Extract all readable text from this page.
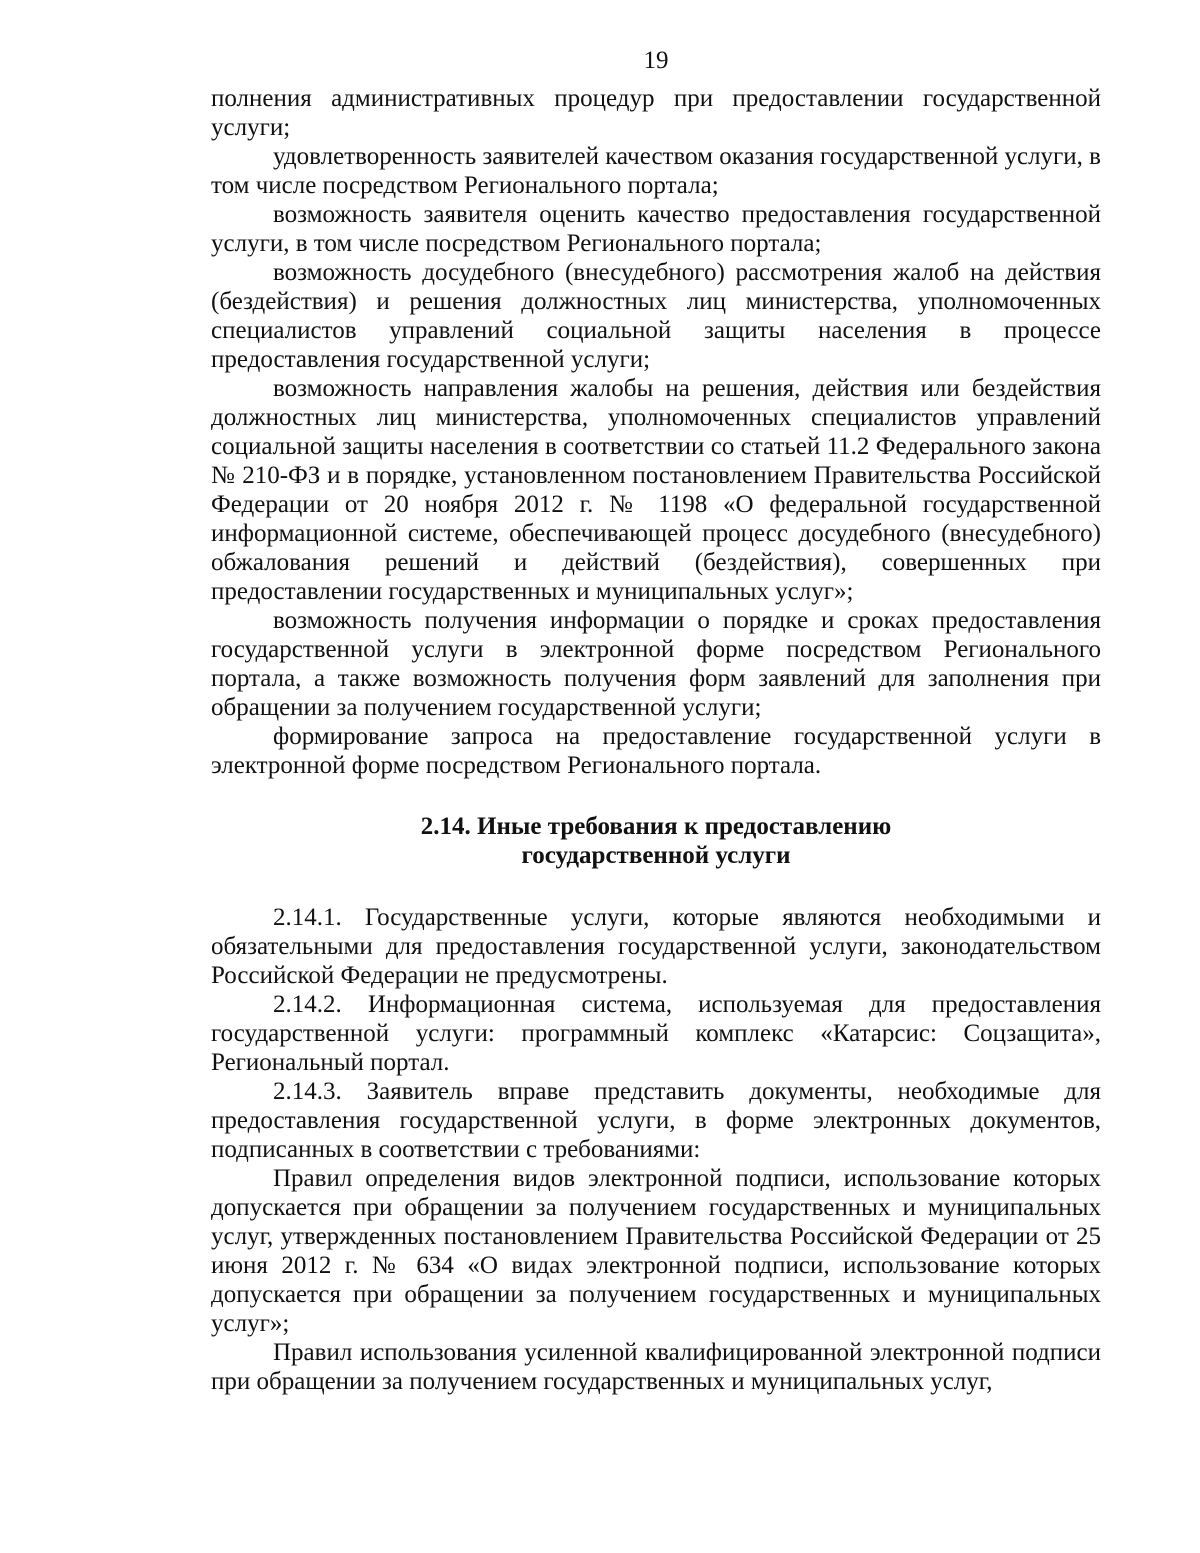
19

полнения административных процедур при предоставлении государственной услуги;

удовлетворенность заявителей качеством оказания государственной услуги, в том числе посредством Регионального портала;

возможность заявителя оценить качество предоставления государственной услуги, в том числе посредством Регионального портала;

возможность досудебного (внесудебного) рассмотрения жалоб на действия (бездействия) и решения должностных лиц министерства, уполномоченных специалистов управлений социальной защиты населения в процессе предоставления государственной услуги;

возможность направления жалобы на решения, действия или бездействия должностных лиц министерства, уполномоченных специалистов управлений социальной защиты населения в соответствии со статьей 11.2 Федерального закона № 210-ФЗ и в порядке, установленном постановлением Правительства Российской Федерации от 20 ноября 2012 г. № 1198 «О федеральной государственной информационной системе, обеспечивающей процесс досудебного (внесудебного) обжалования решений и действий (бездействия), совершенных при предоставлении государственных и муниципальных услуг»;

возможность получения информации о порядке и сроках предоставления государственной услуги в электронной форме посредством Регионального портала, а также возможность получения форм заявлений для заполнения при обращении за получением государственной услуги;

формирование запроса на предоставление государственной услуги в электронной форме посредством Регионального портала.

2.14. Иные требования к предоставлению
государственной услуги

2.14.1. Государственные услуги, которые являются необходимыми и обязательными для предоставления государственной услуги, законодательством Российской Федерации не предусмотрены.

2.14.2. Информационная система, используемая для предоставления государственной услуги: программный комплекс «Катарсис: Соцзащита», Региональный портал.

2.14.3. Заявитель вправе представить документы, необходимые для предоставления государственной услуги, в форме электронных документов, подписанных в соответствии с требованиями:

Правил определения видов электронной подписи, использование которых допускается при обращении за получением государственных и муниципальных услуг, утвержденных постановлением Правительства Российской Федерации от 25 июня 2012 г. № 634 «О видах электронной подписи, использование которых допускается при обращении за получением государственных и муниципальных услуг»;

Правил использования усиленной квалифицированной электронной подписи при обращении за получением государственных и муниципальных услуг,
